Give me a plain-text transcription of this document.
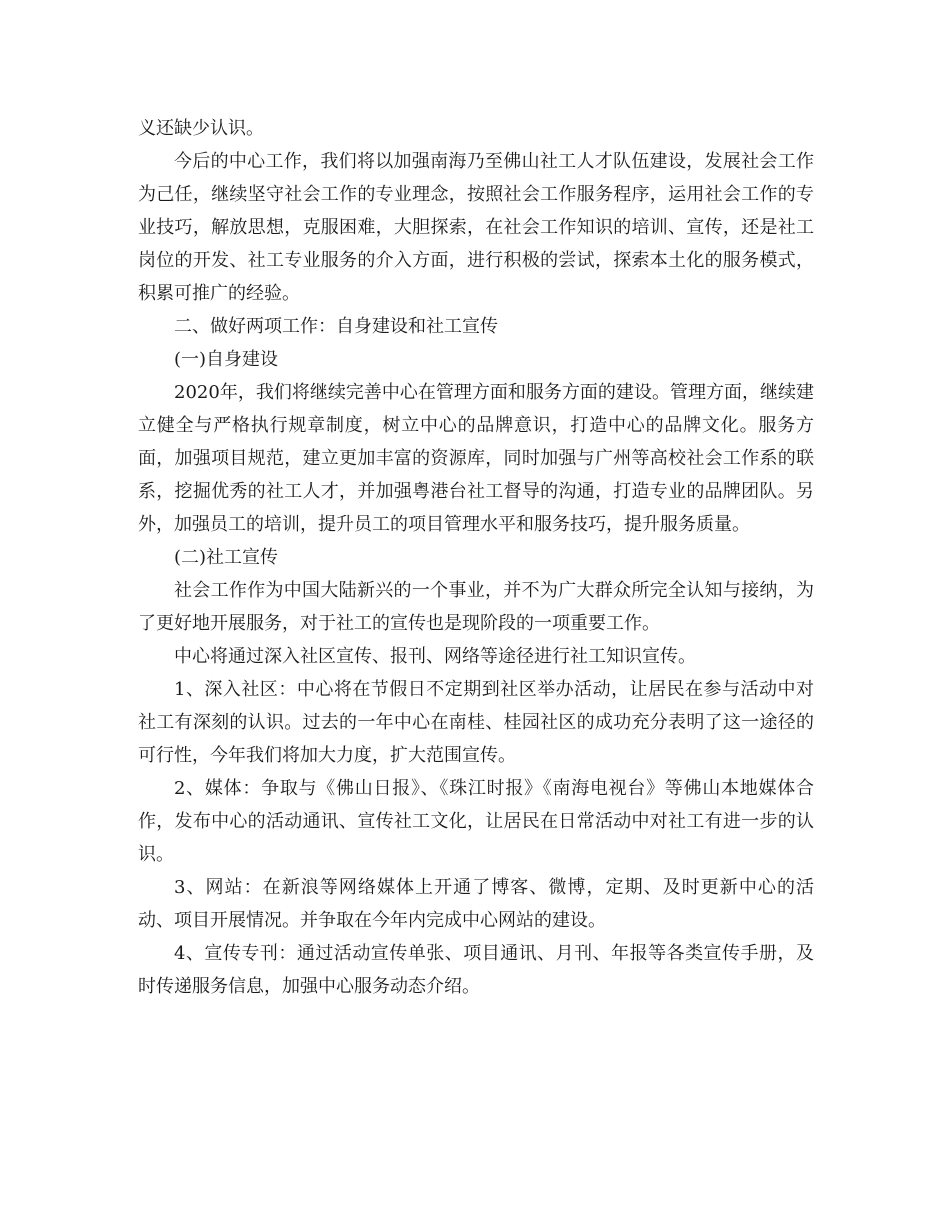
义还缺少认识。

今后的中心工作，我们将以加强南海乃至佛山社工人才队伍建设，发展社会工作为己任，继续坚守社会工作的专业理念，按照社会工作服务程序，运用社会工作的专业技巧，解放思想，克服困难，大胆探索，在社会工作知识的培训、宣传，还是社工岗位的开发、社工专业服务的介入方面，进行积极的尝试，探索本土化的服务模式，积累可推广的经验。

二、做好两项工作：自身建设和社工宣传

(一)自身建设

2020年，我们将继续完善中心在管理方面和服务方面的建设。管理方面，继续建立健全与严格执行规章制度，树立中心的品牌意识，打造中心的品牌文化。服务方面，加强项目规范，建立更加丰富的资源库，同时加强与广州等高校社会工作系的联系，挖掘优秀的社工人才，并加强粤港台社工督导的沟通，打造专业的品牌团队。另外，加强员工的培训，提升员工的项目管理水平和服务技巧，提升服务质量。

(二)社工宣传

社会工作作为中国大陆新兴的一个事业，并不为广大群众所完全认知与接纳，为了更好地开展服务，对于社工的宣传也是现阶段的一项重要工作。

中心将通过深入社区宣传、报刊、网络等途径进行社工知识宣传。

1、深入社区：中心将在节假日不定期到社区举办活动，让居民在参与活动中对社工有深刻的认识。过去的一年中心在南桂、桂园社区的成功充分表明了这一途径的可行性，今年我们将加大力度，扩大范围宣传。

2、媒体：争取与《佛山日报》、《珠江时报》《南海电视台》等佛山本地媒体合作，发布中心的活动通讯、宣传社工文化，让居民在日常活动中对社工有进一步的认识。

3、网站：在新浪等网络媒体上开通了博客、微博，定期、及时更新中心的活动、项目开展情况。并争取在今年内完成中心网站的建设。

4、宣传专刊：通过活动宣传单张、项目通讯、月刊、年报等各类宣传手册，及时传递服务信息，加强中心服务动态介绍。
